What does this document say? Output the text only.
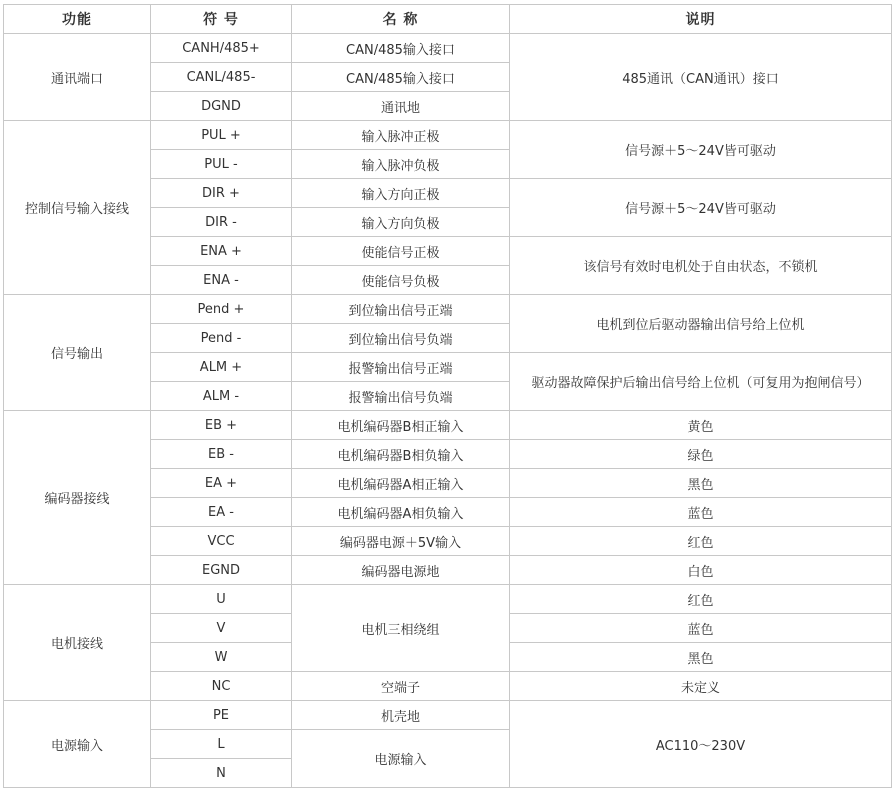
功能	符 号	名 称	说明
通讯端口	CANH/485+	CAN/485输入接口	485通讯（CAN通讯）接口
	CANL/485-	CAN/485输入接口	
	DGND	通讯地	
控制信号输入接线	PUL +	输入脉冲正极	信号源＋5～24V皆可驱动
	PUL -	输入脉冲负极	
	DIR +	输入方向正极	信号源＋5～24V皆可驱动
	DIR -	输入方向负极	
	ENA +	使能信号正极	该信号有效时电机处于自由状态，不锁机
	ENA -	使能信号负极	
信号输出	Pend +	到位输出信号正端	电机到位后驱动器输出信号给上位机
	Pend -	到位输出信号负端	
	ALM +	报警输出信号正端	驱动器故障保护后输出信号给上位机（可复用为抱闸信号）
	ALM -	报警输出信号负端	
编码器接线	EB +	电机编码器B相正输入	黄色
	EB -	电机编码器B相负输入	绿色
	EA +	电机编码器A相正输入	黑色
	EA -	电机编码器A相负输入	蓝色
	VCC	编码器电源＋5V输入	红色
	EGND	编码器电源地	白色
电机接线	U	电机三相绕组	红色
	V		蓝色
	W		黑色
	NC	空端子	未定义
电源输入	PE	机壳地	AC110～230V
	L	电源输入	
	N		
